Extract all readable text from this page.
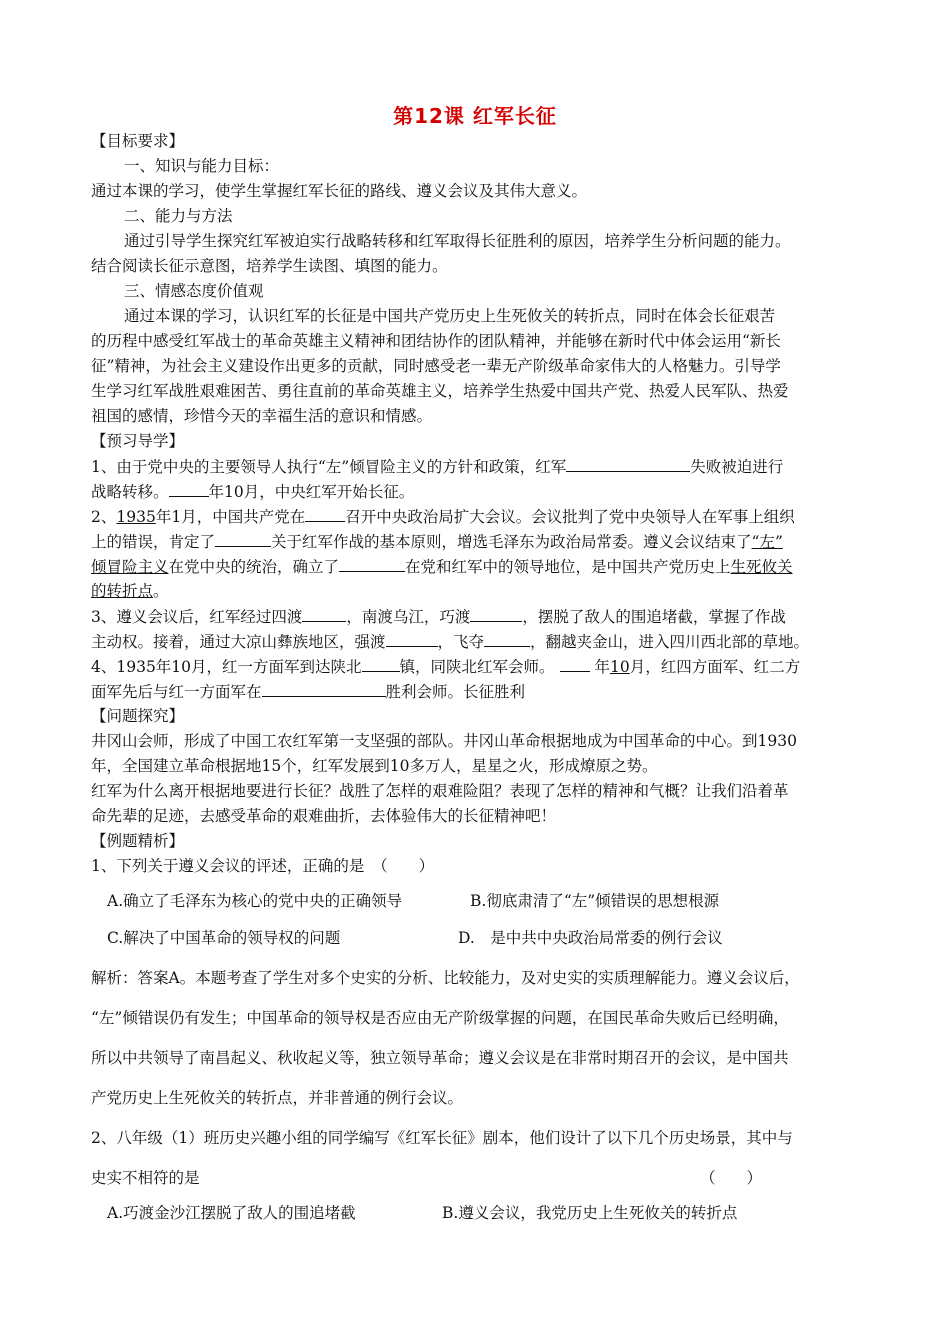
第12课 红军长征
【目标要求】
一、知识与能力目标：
通过本课的学习，使学生掌握红军长征的路线、遵义会议及其伟大意义。
二、能力与方法
通过引导学生探究红军被迫实行战略转移和红军取得长征胜利的原因，培养学生分析问题的能力。
结合阅读长征示意图，培养学生读图、填图的能力。
三、情感态度价值观
通过本课的学习，认识红军的长征是中国共产党历史上生死攸关的转折点，同时在体会长征艰苦
的历程中感受红军战士的革命英雄主义精神和团结协作的团队精神，并能够在新时代中体会运用“新长
征”精神，为社会主义建设作出更多的贡献，同时感受老一辈无产阶级革命家伟大的人格魅力。引导学
生学习红军战胜艰难困苦、勇往直前的革命英雄主义，培养学生热爱中国共产党、热爱人民军队、热爱
祖国的感情，珍惜今天的幸福生活的意识和情感。
【预习导学】
1、由于党中央的主要领导人执行“左”倾冒险主义的方针和政策，红军	失败被迫进行
战略转移。	年10月，中央红军开始长征。
2、1935年1月，中国共产党在	召开中央政治局扩大会议。会议批判了党中央领导人在军事上组织
上的错误，肯定了	关于红军作战的基本原则，增选毛泽东为政治局常委。遵义会议结束了“左”
倾冒险主义在党中央的统治，确立了	在党和红军中的领导地位，是中国共产党历史上生死攸关
的转折点。
3、遵义会议后，红军经过四渡	，南渡乌江，巧渡	，摆脱了敌人的围追堵截，掌握了作战
主动权。接着，通过大凉山彝族地区，强渡	，飞夺	，翻越夹金山，进入四川西北部的草地。
4、1935年10月，红一方面军到达陕北 镇，同陕北红军会师。	年10月，红四方面军、红二方
面军先后与红一方面军在	胜利会师。长征胜利
【问题探究】
井冈山会师，形成了中国工农红军第一支坚强的部队。井冈山革命根据地成为中国革命的中心。到1930
年，全国建立革命根据地15个，红军发展到10多万人，星星之火，形成燎原之势。
红军为什么离开根据地要进行长征？战胜了怎样的艰难险阻？表现了怎样的精神和气概？让我们沿着革
命先辈的足迹，去感受革命的艰难曲折，去体验伟大的长征精神吧！
【例题精析】
1、下列关于遵义会议的评述，正确的是　（　　）
A.确立了毛泽东为核心的党中央的正确领导	B.彻底肃清了“左”倾错误的思想根源
C.解决了中国革命的领导权的问题	D.　是中共中央政治局常委的例行会议
解析：答案A。本题考查了学生对多个史实的分析、比较能力，及对史实的实质理解能力。遵义会议后，
“左”倾错误仍有发生；中国革命的领导权是否应由无产阶级掌握的问题，在国民革命失败后已经明确，
所以中共领导了南昌起义、秋收起义等，独立领导革命；遵义会议是在非常时期召开的会议，是中国共
产党历史上生死攸关的转折点，并非普通的例行会议。
2、八年级（1）班历史兴趣小组的同学编写《红军长征》剧本，他们设计了以下几个历史场景，其中与
史实不相符的是	（　　）
A.巧渡金沙江摆脱了敌人的围追堵截	B.遵义会议，我党历史上生死攸关的转折点
